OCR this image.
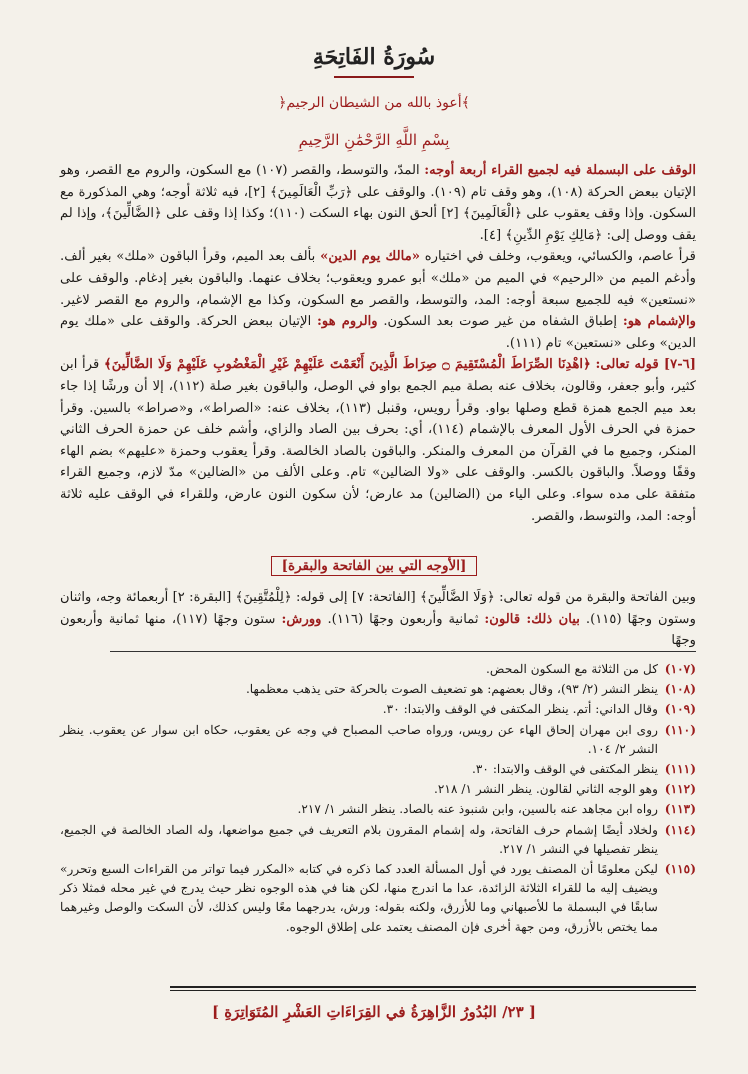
سُورَةُ الفَاتِحَةِ
﴿أعوذ بالله من الشيطان الرجيم﴾
بِسْمِ اللَّهِ الرَّحْمَٰنِ الرَّحِيمِ

الوقف على البسملة فيه لجميع القراء أربعة أوجه: المدّ، والتوسط، والقصر (١٠٧) مع السكون، والروم مع القصر، وهو الإتيان ببعض الحركة (١٠٨)، وهو وقف تام (١٠٩). والوقف على ﴿رَبِّ الْعَالَمِينَ﴾ [٢]، فيه ثلاثة أوجه؛ وهي المذكورة مع السكون. وإذا وقف يعقوب على ﴿الْعَالَمِينَ﴾ [٢] ألحق النون بهاء السكت (١١٠)؛ وكذا إذا وقف على ﴿الضَّالِّينَ﴾، وإذا لم يقف ووصل إلى: ﴿مَالِكِ يَوْمِ الدِّينِ﴾ [٤].

قرأ عاصم، والكسائي، ويعقوب، وخلف في اختياره «مالك يوم الدين» بألف بعد الميم، وقرأ الباقون «ملك» بغير ألف. وأدغم الميم من «الرحيم» في الميم من «ملك» أبو عمرو ويعقوب؛ بخلاف عنهما. والباقون بغير إدغام. والوقف على «نستعين» فيه للجميع سبعة أوجه: المد، والتوسط، والقصر مع السكون، وكذا مع الإشمام، والروم مع القصر لاغير. والإشمام هو: إطباق الشفاه من غير صوت بعد السكون. والروم هو: الإتيان ببعض الحركة. والوقف على «ملك يوم الدين» وعلى «نستعين» تام (١١١).

[٦-٧] قوله تعالى: ﴿اهْدِنَا الصِّرَاطَ الْمُسْتَقِيمَ ۝ صِرَاطَ الَّذِينَ أَنْعَمْتَ عَلَيْهِمْ غَيْرِ الْمَغْضُوبِ عَلَيْهِمْ وَلَا الضَّالِّينَ﴾ قرأ ابن كثير، وأبو جعفر، وقالون، بخلاف عنه بصلة ميم الجمع بواو في الوصل، والباقون بغير صلة (١١٢)، إلا أن ورشًا إذا جاء بعد ميم الجمع همزة قطع وصلها بواو. وقرأ رويس، وقنبل (١١٣)، بخلاف عنه: «الصراط»، و«صراط» بالسين. وقرأ حمزة في الحرف الأول المعرف بالإشمام (١١٤)، أي: بحرف بين الصاد والزاي، وأشم خلف عن حمزة الحرف الثاني المنكر، وجميع ما في القرآن من المعرف والمنكر. والباقون بالصاد الخالصة. وقرأ يعقوب وحمزة «عليهم» بضم الهاء وقفًا ووصلاً. والباقون بالكسر. والوقف على «ولا الضالين» تام. وعلى الألف من «الضالين» مدّ لازم، وجميع القراء متفقة على مده سواء. وعلى الياء من (الضالين) مد عارض؛ لأن سكون النون عارض، وللقراء في الوقف عليه ثلاثة أوجه: المد، والتوسط، والقصر.

[الأوجه التي بين الفاتحة والبقرة]
وبين الفاتحة والبقرة من قوله تعالى: ﴿وَلَا الضَّالِّينَ﴾ [الفاتحة: ٧] إلى قوله: ﴿لِلْمُتَّقِينَ﴾ [البقرة: ٢] أربعمائة وجه، واثنان وستون وجهًا (١١٥). بيان ذلك: قالون: ثمانية وأربعون وجهًا (١١٦). وورش: ستون وجهًا (١١٧)، منها ثمانية وأربعون وجهًا
(١٠٧)
كل من الثلاثة مع السكون المحض.
(١٠٨)
ينظر النشر (٢/ ٩٣)، وقال بعضهم: هو تضعيف الصوت بالحركة حتى يذهب معظمها.
(١٠٩)
وقال الداني: أتم. ينظر المكتفى في الوقف والابتدا: ٣٠.
(١١٠)
روى ابن مهران إلحاق الهاء عن رويس، ورواه صاحب المصباح في وجه عن يعقوب، حكاه ابن سوار عن يعقوب. ينظر النشر ٢/ ١٠٤.
(١١١)
ينظر المكتفى في الوقف والابتدا: ٣٠.
(١١٢)
وهو الوجه الثاني لقالون. ينظر النشر ١/ ٢١٨.
(١١٣)
رواه ابن مجاهد عنه بالسين، وابن شنبوذ عنه بالصاد. ينظر النشر ١/ ٢١٧.
(١١٤)
ولخلاد أيضًا إشمام حرف الفاتحة، وله إشمام المقرون بلام التعريف في جميع مواضعها، وله الصاد الخالصة في الجميع، ينظر تفصيلها في النشر ١/ ٢١٧.
(١١٥)
ليكن معلومًا أن المصنف يورد في أول المسألة العدد كما ذكره في كتابه «المكرر فيما تواتر من القراءات السبع وتحرر» ويضيف إليه ما للقراء الثلاثة الزائدة، عدا ما اندرج منها، لكن هنا في هذه الوجوه نظر حيث يدرج في غير محله فمثلا ذكر سابقًا في البسملة ما للأصبهاني وما للأزرق، ولكنه بقوله: ورش، يدرجهما معًا وليس كذلك، لأن السكت والوصل وغيرهما مما يختص بالأزرق، ومن جهة أخرى فإن المصنف يعتمد على إطلاق الوجوه.
[ ٢٣/ البُدُورُ الزَّاهِرَةُ في القِرَاءَاتِ العَشْرِ المُتَوَاتِرَةِ ]
